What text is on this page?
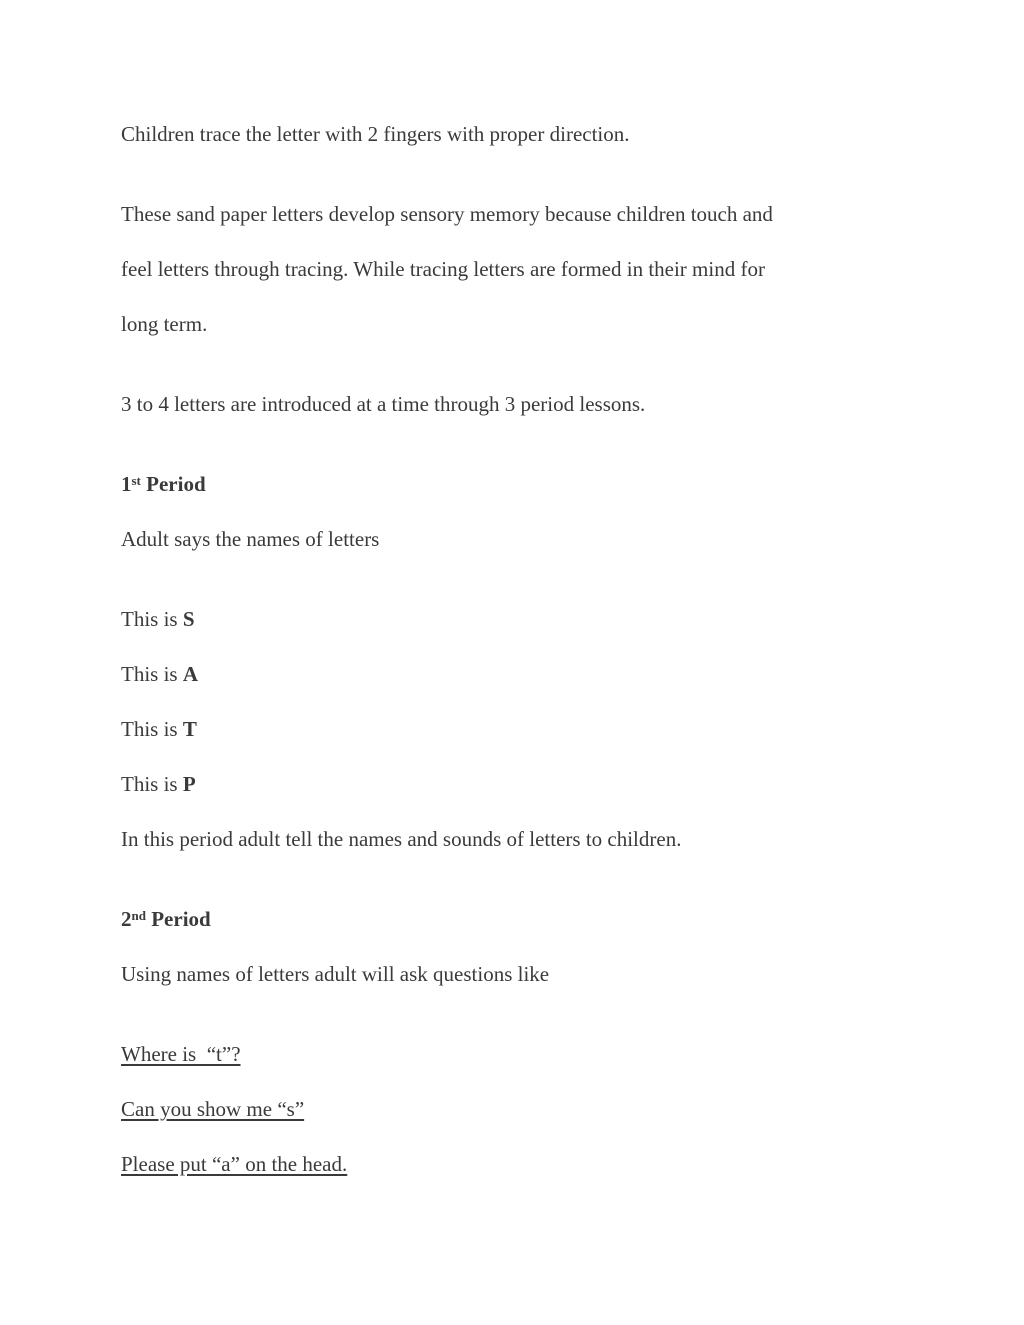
Children trace the letter with 2 fingers with proper direction.
These sand paper letters develop sensory memory because children touch and
feel letters through tracing. While tracing letters are formed in their mind for
long term.
3 to 4 letters are introduced at a time through 3 period lessons.
1st Period
Adult says the names of letters
This is S
This is A
This is T
This is P
In this period adult tell the names and sounds of letters to children.
2nd Period
Using names of letters adult will ask questions like
Where is  “t”?
Can you show me “s”
Please put “a” on the head.
